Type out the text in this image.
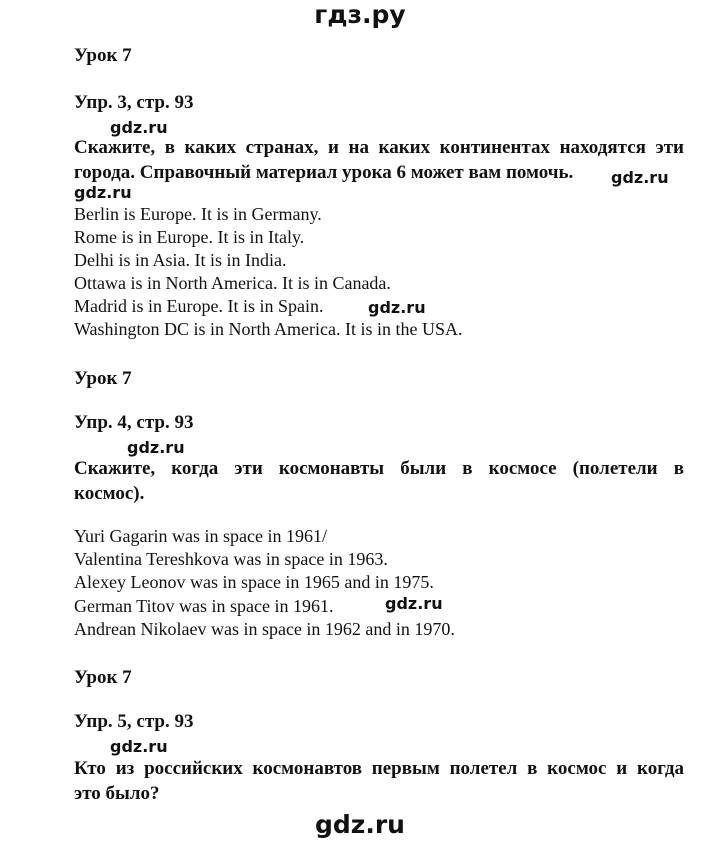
гдз.ру
Урок 7
Упр. 3, стр. 93
gdz.ru
Скажите, в каких странах, и на каких континентах находятся эти
города. Справочный материал урока 6 может вам помочь.	gdz.ru
gdz.ru
Berlin is Europe. It is in Germany.
Rome is in Europe. It is in Italy.
Delhi is in Asia. It is in India.
Ottawa is in North America. It is in Canada.
Madrid is in Europe. It is in Spain.	gdz.ru
Washington DC is in North America. It is in the USA.
Урок 7
Упр. 4, стр. 93
gdz.ru
Скажите, когда эти космонавты были в космосе (полетели в
космос).
Yuri Gagarin was in space in 1961/
Valentina Tereshkova was in space in 1963.
Alexey Leonov was in space in 1965 and in 1975.
German Titov was in space in 1961.	gdz.ru
Andrean Nikolaev was in space in 1962 and in 1970.
Урок 7
Упр. 5, стр. 93
gdz.ru
Кто из российских космонавтов первым полетел в космос и когда
это было?
gdz.ru
